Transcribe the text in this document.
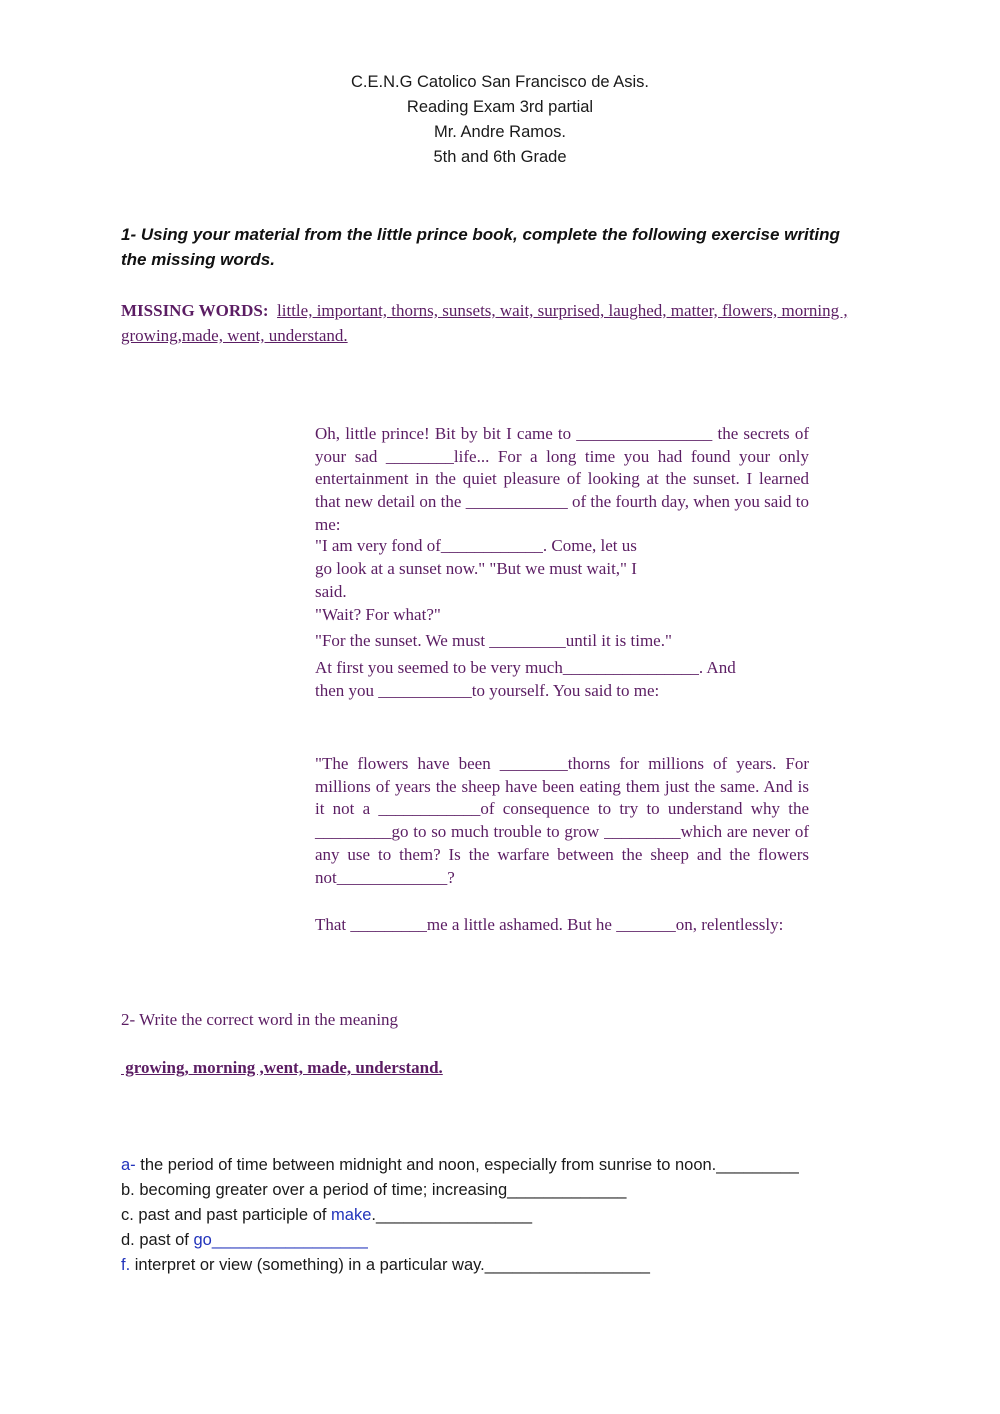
C.E.N.G Catolico San Francisco de Asis.
Reading Exam 3rd partial
Mr. Andre Ramos.
5th and 6th Grade
1- Using your material from the little prince book, complete the following exercise writing the missing words.
MISSING WORDS: little, important, thorns, sunsets, wait, surprised, laughed, matter, flowers, morning , growing,made, went, understand.
Oh, little prince! Bit by bit I came to ________________ the secrets of your sad ________life... For a long time you had found your only entertainment in the quiet pleasure of looking at the sunset. I learned that new detail on the ____________ of the fourth day, when you said to me:
"I am very fond of____________. Come, let us
go look at a sunset now." "But we must wait," I
said.
"Wait? For what?"
"For the sunset. We must _________until it is time."
At first you seemed to be very much________________. And
then you ___________to yourself. You said to me:
"The flowers have been ________thorns for millions of years. For millions of years the sheep have been eating them just the same. And is it not a ____________of consequence to try to understand why the _________go to so much trouble to grow _________which are never of any use to them? Is the warfare between the sheep and the flowers not_____________?
That _________me a little ashamed. But he _______on, relentlessly:
2- Write the correct word in the meaning
growing, morning ,went, made, understand.
a- the period of time between midnight and noon, especially from sunrise to noon._________
b. becoming greater over a period of time; increasing_____________
c. past and past participle of make._________________
d. past of go_________________
f. interpret or view (something) in a particular way.__________________
